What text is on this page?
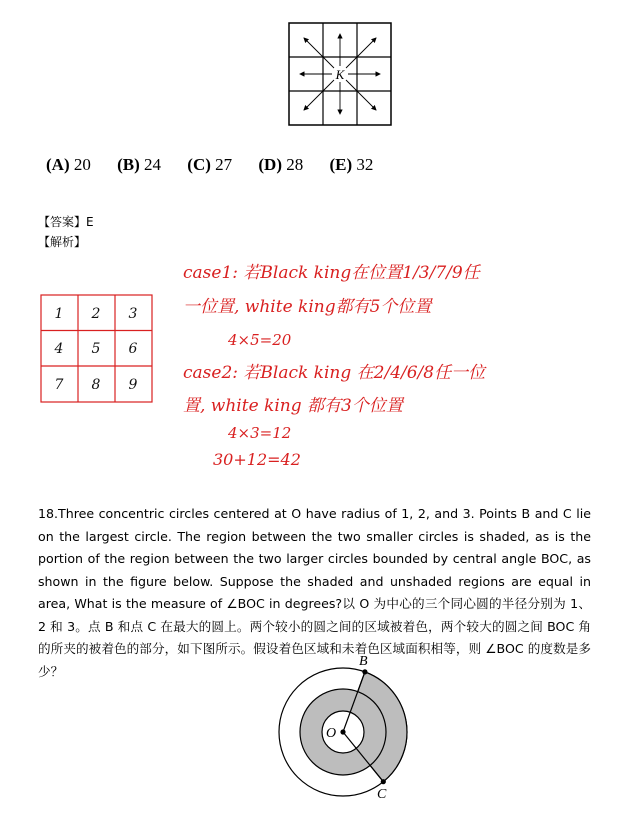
K
(A) 20 (B) 24 (C) 27 (D) 28 (E) 32
【答案】E
【解析】
1 2 3
4 5 6
7 8 9
case1: 若Black king在位置1/3/7/9任
一位置, white king都有5个位置
4×5=20
case2: 若Black king 在2/4/6/8任一位
置, white king 都有3个位置
4×3=12
30+12=42

18.Three concentric circles centered at O have radius of 1, 2, and 3. Points B and C lie on the largest circle. The region between the two smaller circles is shaded, as is the portion of the region between the two larger circles bounded by central angle BOC, as shown in the figure below. Suppose the shaded and unshaded regions are equal in area, What is the measure of ∠BOC in degrees?以 O 为中心的三个同心圆的半径分别为 1、2 和 3。点 B 和点 C 在最大的圆上。两个较小的圆之间的区域被着色，两个较大的圆之间 BOC 角的所夹的被着色的部分，如下图所示。假设着色区域和未着色区域面积相等，则 ∠BOC 的度数是多少？

B
C
O
